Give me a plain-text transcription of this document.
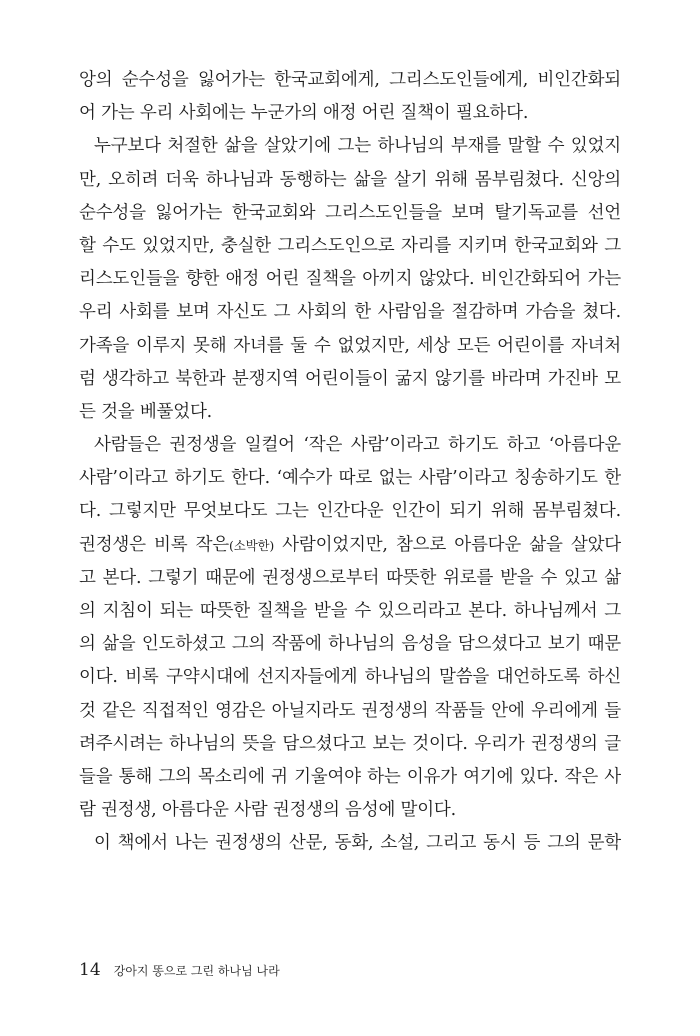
앙의 순수성을 잃어가는 한국교회에게, 그리스도인들에게, 비인간화되
어 가는 우리 사회에는 누군가의 애정 어린 질책이 필요하다.
누구보다 처절한 삶을 살았기에 그는 하나님의 부재를 말할 수 있었지
만, 오히려 더욱 하나님과 동행하는 삶을 살기 위해 몸부림쳤다. 신앙의
순수성을 잃어가는 한국교회와 그리스도인들을 보며 탈기독교를 선언
할 수도 있었지만, 충실한 그리스도인으로 자리를 지키며 한국교회와 그
리스도인들을 향한 애정 어린 질책을 아끼지 않았다. 비인간화되어 가는
우리 사회를 보며 자신도 그 사회의 한 사람임을 절감하며 가슴을 쳤다.
가족을 이루지 못해 자녀를 둘 수 없었지만, 세상 모든 어린이를 자녀처
럼 생각하고 북한과 분쟁지역 어린이들이 굶지 않기를 바라며 가진바 모
든 것을 베풀었다.
사람들은 권정생을 일컬어 ‘작은 사람’이라고 하기도 하고 ‘아름다운
사람’이라고 하기도 한다. ‘예수가 따로 없는 사람’이라고 칭송하기도 한
다. 그렇지만 무엇보다도 그는 인간다운 인간이 되기 위해 몸부림쳤다.
권정생은 비록 작은(소박한) 사람이었지만, 참으로 아름다운 삶을 살았다
고 본다. 그렇기 때문에 권정생으로부터 따뜻한 위로를 받을 수 있고 삶
의 지침이 되는 따뜻한 질책을 받을 수 있으리라고 본다. 하나님께서 그
의 삶을 인도하셨고 그의 작품에 하나님의 음성을 담으셨다고 보기 때문
이다. 비록 구약시대에 선지자들에게 하나님의 말씀을 대언하도록 하신
것 같은 직접적인 영감은 아닐지라도 권정생의 작품들 안에 우리에게 들
려주시려는 하나님의 뜻을 담으셨다고 보는 것이다. 우리가 권정생의 글
들을 통해 그의 목소리에 귀 기울여야 하는 이유가 여기에 있다. 작은 사
람 권정생, 아름다운 사람 권정생의 음성에 말이다.
이 책에서 나는 권정생의 산문, 동화, 소설, 그리고 동시 등 그의 문학
14 강아지 똥으로 그린 하나님 나라
